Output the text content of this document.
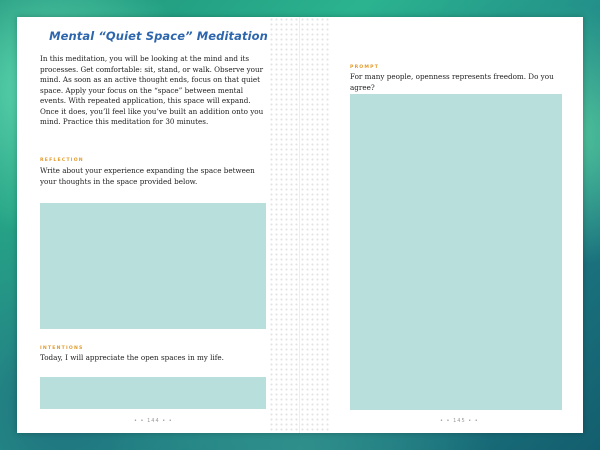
Mental “Quiet Space” Meditation

In this meditation, you will be looking at the mind and its processes. Get comfortable: sit, stand, or walk. Observe your mind. As soon as an active thought ends, focus on that quiet space. Apply your focus on the “space” between mental events. With repeated application, this space will expand. Once it does, you’ll feel like you’ve built an addition onto you mind. Practice this meditation for 30 minutes.

REFLECTION

Write about your experience expanding the space between your thoughts in the space provided below.

INTENTIONS

Today, I will appreciate the open spaces in my life.

• • 144 • •
PROMPT

For many people, openness represents freedom. Do you agree?

• • 145 • •
